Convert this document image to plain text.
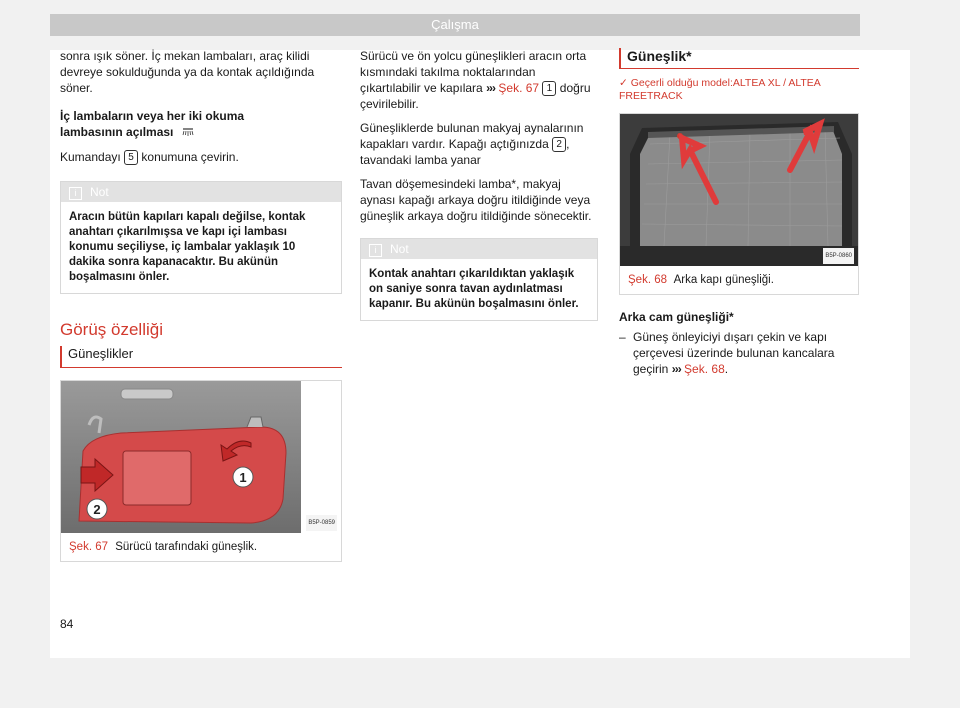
Çalışma

sonra ışık söner. İç mekan lambaları, araç kilidi devreye sokulduğunda ya da kontak açıldığında söner.

İç lambaların veya her iki okuma
lambasının açılması

Kumandayı 5 konumuna çevirin.

i Not
Aracın bütün kapıları kapalı değilse, kontak anahtarı çıkarılmışsa ve kapı içi lambası konumu seçiliyse, iç lambalar yaklaşık 10 dakika sonra kapanacaktır. Bu akünün boşalmasını önler.
Görüş özelliği
Güneşlikler
1
2
B5P-0859
Şek. 67 Sürücü tarafındaki güneşlik.

Sürücü ve ön yolcu güneşlikleri aracın orta kısmındaki takılma noktalarından çıkartılabilir ve kapılara ››› Şek. 67 1 doğru çevirilebilir.

Güneşliklerde bulunan makyaj aynalarının kapakları vardır. Kapağı açtığınızda 2 , tavandaki lamba yanar

Tavan döşemesindeki lamba*, makyaj aynası kapağı arkaya doğru itildiğinde veya güneşlik arkaya doğru itildiğinde sönecektir.

i Not
Kontak anahtarı çıkarıldıktan yaklaşık on saniye sonra tavan aydınlatması kapanır. Bu akünün boşalmasını önler.
Güneşlik*
✓ Geçerli olduğu model:ALTEA XL / ALTEA FREETRACK
B5P-0860
Şek. 68 Arka kapı güneşliği.

Arka cam güneşliği*

– Güneş önleyiciyi dışarı çekin ve kapı çerçevesi üzerinde bulunan kancalara geçirin ››› Şek. 68.
84
